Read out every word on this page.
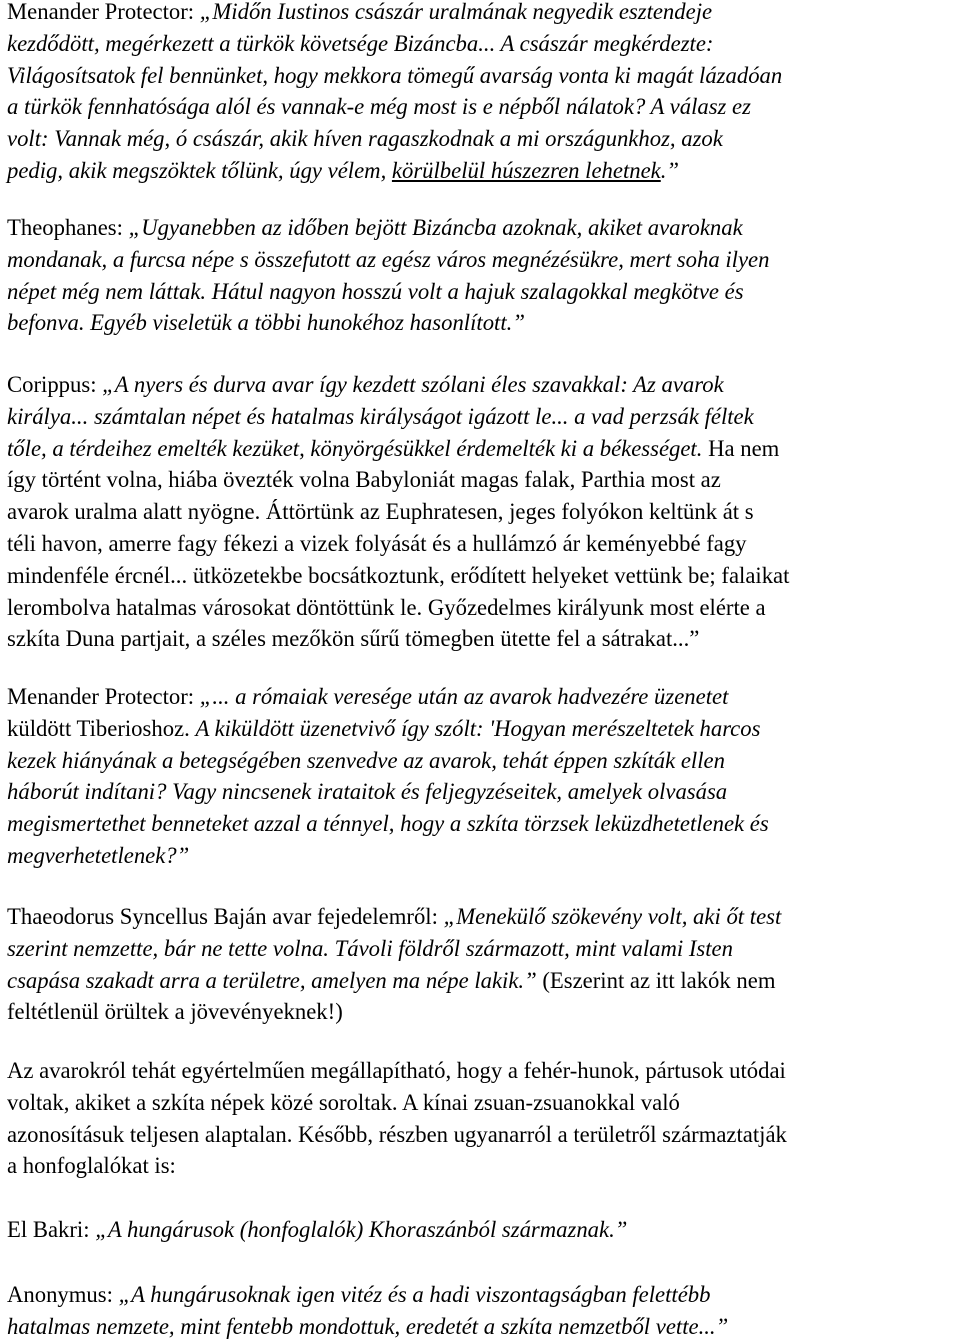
Menander Protector: „Midőn Iustinos császár uralmának negyedik esztendeje
kezdődött, megérkezett a türkök követsége Bizáncba... A császár megkérdezte:
Világosítsatok fel bennünket, hogy mekkora tömegű avarság vonta ki magát lázadóan
a türkök fennhatósága alól és vannak-e még most is e népből nálatok? A válasz ez
volt: Vannak még, ó császár, akik híven ragaszkodnak a mi országunkhoz, azok
pedig, akik megszöktek tőlünk, úgy vélem, körülbelül húszezren lehetnek.”
Theophanes: „Ugyanebben az időben bejött Bizáncba azoknak, akiket avaroknak
mondanak, a furcsa népe s összefutott az egész város megnézésükre, mert soha ilyen
népet még nem láttak. Hátul nagyon hosszú volt a hajuk szalagokkal megkötve és
befonva. Egyéb viseletük a többi hunokéhoz hasonlított.”
Corippus: „A nyers és durva avar így kezdett szólani éles szavakkal: Az avarok
királya... számtalan népet és hatalmas királyságot igázott le... a vad perzsák féltek
tőle, a térdeihez emelték kezüket, könyörgésükkel érdemelték ki a békességet. Ha nem
így történt volna, hiába övezték volna Babyloniát magas falak, Parthia most az
avarok uralma alatt nyögne. Áttörtünk az Euphratesen, jeges folyókon keltünk át s
téli havon, amerre fagy fékezi a vizek folyását és a hullámzó ár keményebbé fagy
mindenféle ércnél... ütközetekbe bocsátkoztunk, erődített helyeket vettünk be; falaikat
lerombolva hatalmas városokat döntöttünk le. Győzedelmes királyunk most elérte a
szkíta Duna partjait, a széles mezőkön sűrű tömegben ütette fel a sátrakat...”
Menander Protector: „... a rómaiak veresége után az avarok hadvezére üzenetet
küldött Tiberioshoz. A kiküldött üzenetvivő így szólt: 'Hogyan merészeltetek harcos
kezek hiányának a betegségében szenvedve az avarok, tehát éppen szkíták ellen
háborút indítani? Vagy nincsenek irataitok és feljegyzéseitek, amelyek olvasása
megismertethet benneteket azzal a ténnyel, hogy a szkíta törzsek leküzdhetetlenek és
megverhetetlenek?”
Thaeodorus Syncellus Baján avar fejedelemről: „Menekülő szökevény volt, aki őt test
szerint nemzette, bár ne tette volna. Távoli földről származott, mint valami Isten
csapása szakadt arra a területre, amelyen ma népe lakik.” (Eszerint az itt lakók nem
feltétlenül örültek a jövevényeknek!)
Az avarokról tehát egyértelműen megállapítható, hogy a fehér-hunok, pártusok utódai
voltak, akiket a szkíta népek közé soroltak. A kínai zsuan-zsuanokkal való
azonosításuk teljesen alaptalan. Később, részben ugyanarról a területről származtatják
a honfoglalókat is:
El Bakri: „A hungárusok (honfoglalók) Khoraszánból származnak.”
Anonymus: „A hungárusoknak igen vitéz és a hadi viszontagságban felettébb
hatalmas nemzete, mint fentebb mondottuk, eredetét a szkíta nemzetből vette...”
